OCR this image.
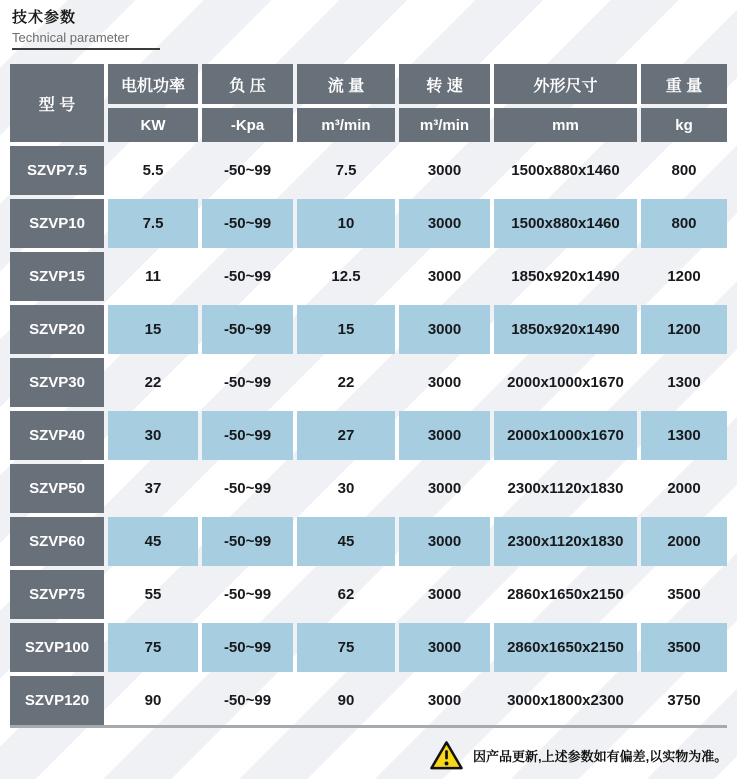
技术参数
Technical parameter
型 号
电机功率	负 压	流 量	转 速	外形尺寸	重 量
KW	-Kpa	m³/min	m³/min	mm	kg
SZVP7.5	5.5	-50~99	7.5	3000	1500x880x1460	800
SZVP10	7.5	-50~99	10	3000	1500x880x1460	800
SZVP15	11	-50~99	12.5	3000	1850x920x1490	1200
SZVP20	15	-50~99	15	3000	1850x920x1490	1200
SZVP30	22	-50~99	22	3000	2000x1000x1670	1300
SZVP40	30	-50~99	27	3000	2000x1000x1670	1300
SZVP50	37	-50~99	30	3000	2300x1120x1830	2000
SZVP60	45	-50~99	45	3000	2300x1120x1830	2000
SZVP75	55	-50~99	62	3000	2860x1650x2150	3500
SZVP100	75	-50~99	75	3000	2860x1650x2150	3500
SZVP120	90	-50~99	90	3000	3000x1800x2300	3750
因产品更新,上述参数如有偏差,以实物为准。
